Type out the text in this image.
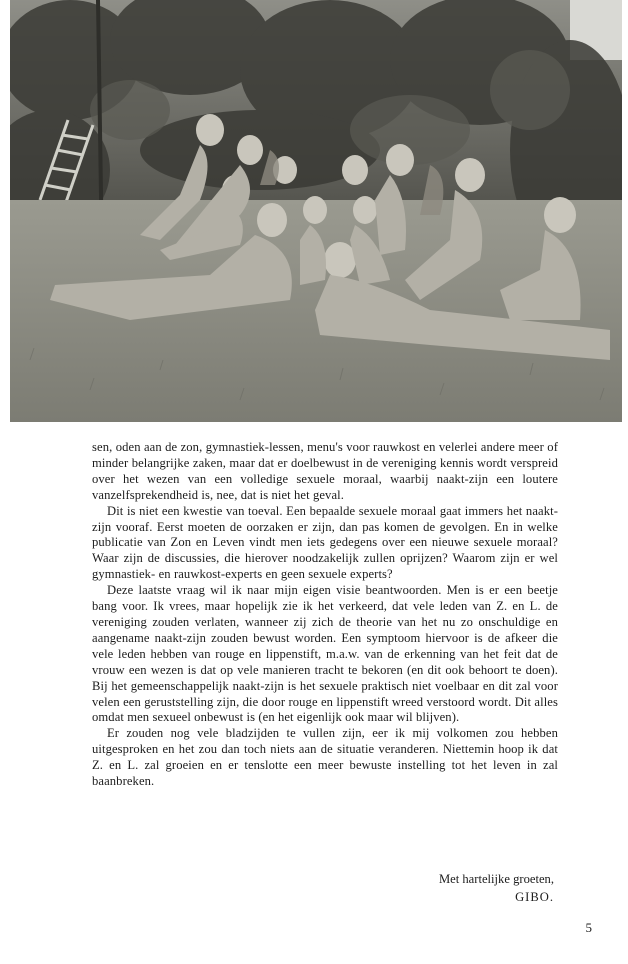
sen, oden aan de zon, gymnastiek-lessen, menu's voor rauwkost en velerlei andere meer of minder belangrijke zaken, maar dat er doelbewust in de vereniging kennis wordt verspreid over het wezen van een volledige sexuele moraal, waarbij naakt-zijn een loutere vanzelfsprekendheid is, nee, dat is niet het geval.

Dit is niet een kwestie van toeval. Een bepaalde sexuele moraal gaat immers het naakt-zijn vooraf. Eerst moeten de oorzaken er zijn, dan pas komen de gevolgen. En in welke publicatie van Zon en Leven vindt men iets gedegens over een nieuwe sexuele moraal? Waar zijn de discussies, die hierover noodzakelijk zullen oprijzen? Waarom zijn er wel gymnastiek- en rauwkost-experts en geen sexuele experts?

Deze laatste vraag wil ik naar mijn eigen visie beantwoorden. Men is er een beetje bang voor. Ik vrees, maar hopelijk zie ik het verkeerd, dat vele leden van Z. en L. de vereniging zouden verlaten, wanneer zij zich de theorie van het nu zo onschuldige en aangename naakt-zijn zouden bewust worden. Een symptoom hiervoor is de afkeer die vele leden hebben van rouge en lippenstift, m.a.w. van de erkenning van het feit dat de vrouw een wezen is dat op vele manieren tracht te bekoren (en dit ook behoort te doen). Bij het gemeenschappelijk naakt-zijn is het sexuele praktisch niet voelbaar en dit zal voor velen een geruststelling zijn, die door rouge en lippenstift wreed verstoord wordt. Dit alles omdat men sexueel onbewust is (en het eigenlijk ook maar wil blijven).

Er zouden nog vele bladzijden te vullen zijn, eer ik mij volkomen zou hebben uitgesproken en het zou dan toch niets aan de situatie veranderen. Niettemin hoop ik dat Z. en L. zal groeien en er tenslotte een meer bewuste instelling tot het leven in zal baanbreken.

Met hartelijke groeten,
GIBO.
5
